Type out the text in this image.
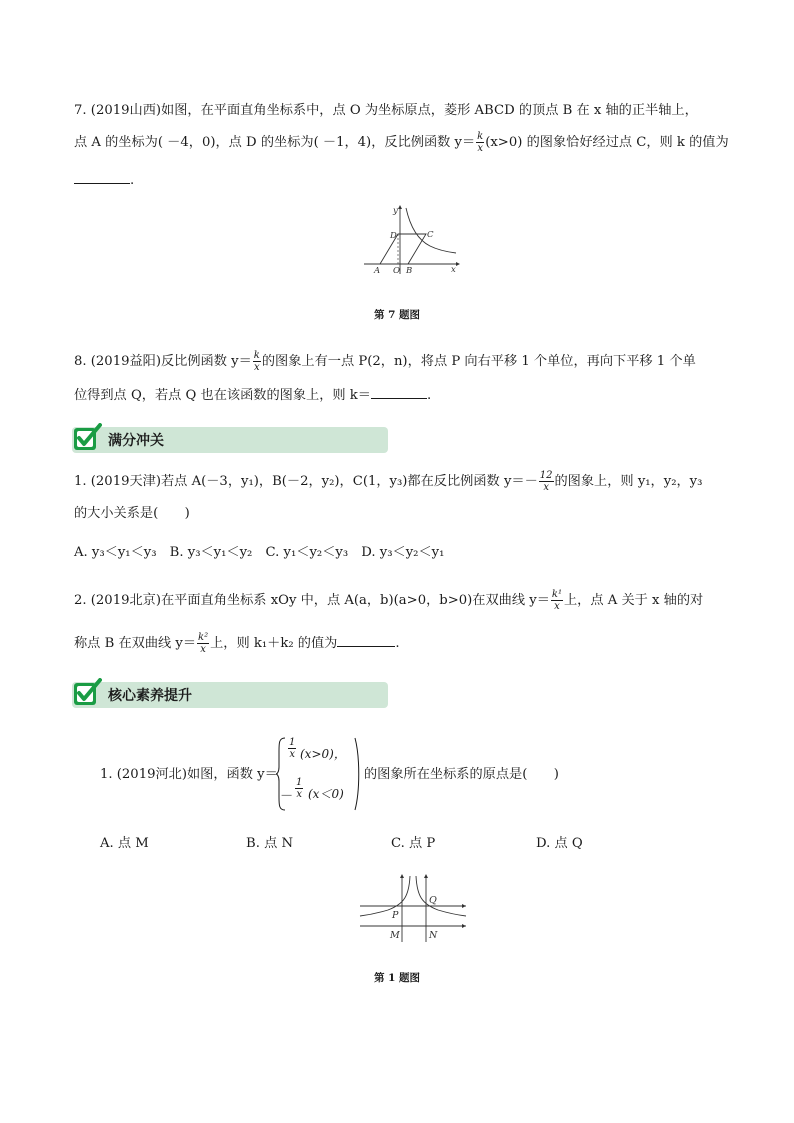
7. (2019山西)如图，在平面直角坐标系中，点 O 为坐标原点，菱形 ABCD 的顶点 B 在 x 轴的正半轴上，
点 A 的坐标为( －4，0)，点 D 的坐标为( －1，4)，反比例函数 $y= \frac{k}{x} (x>0)$ 的图象恰好经过点 C，则 k 的值为
.
y
D	C
A O B	x
第 7 题图
8. (2019益阳)反比例函数 $y= \frac{k}{x}$ 的图象上有一点 P(2，n)，将点 P 向右平移 1 个单位，再向下平移 1 个单
位得到点 Q，若点 Q 也在该函数的图象上，则 k＝	.
满分冲关
1. (2019天津)若点 A(－3，y₁)，B(－2，y₂)，C(1，y₃)都在反比例函数 $y=- \frac{12}{x}$ 的图象上，则 y₁，y₂，y₃
的大小关系是(　　)
A. y₃＜y₁＜y₃　B. y₃＜y₁＜y₂　C. y₁＜y₂＜y₃　D. y₃＜y₂＜y₁
2. (2019北京)在平面直角坐标系 xOy 中，点 A(a，b)(a>0，b>0)在双曲线 $y= \frac{\text{k¹}}{x}$ 上，点 A 关于 x 轴的对
称点 B 在双曲线 $y= \frac{\text{k²}}{x}$ 上，则 k₁＋k₂ 的值为	.
核心素养提升
1. (2019河北)如图，函数 y＝
$\frac{1}{x} (x>0)$，
－ $\frac{1}{x} (x<0)$
的图象所在坐标系的原点是(　　)
A. 点 M	B. 点 N	C. 点 P	D. 点 Q
Q
P
M	N
第 1 题图
